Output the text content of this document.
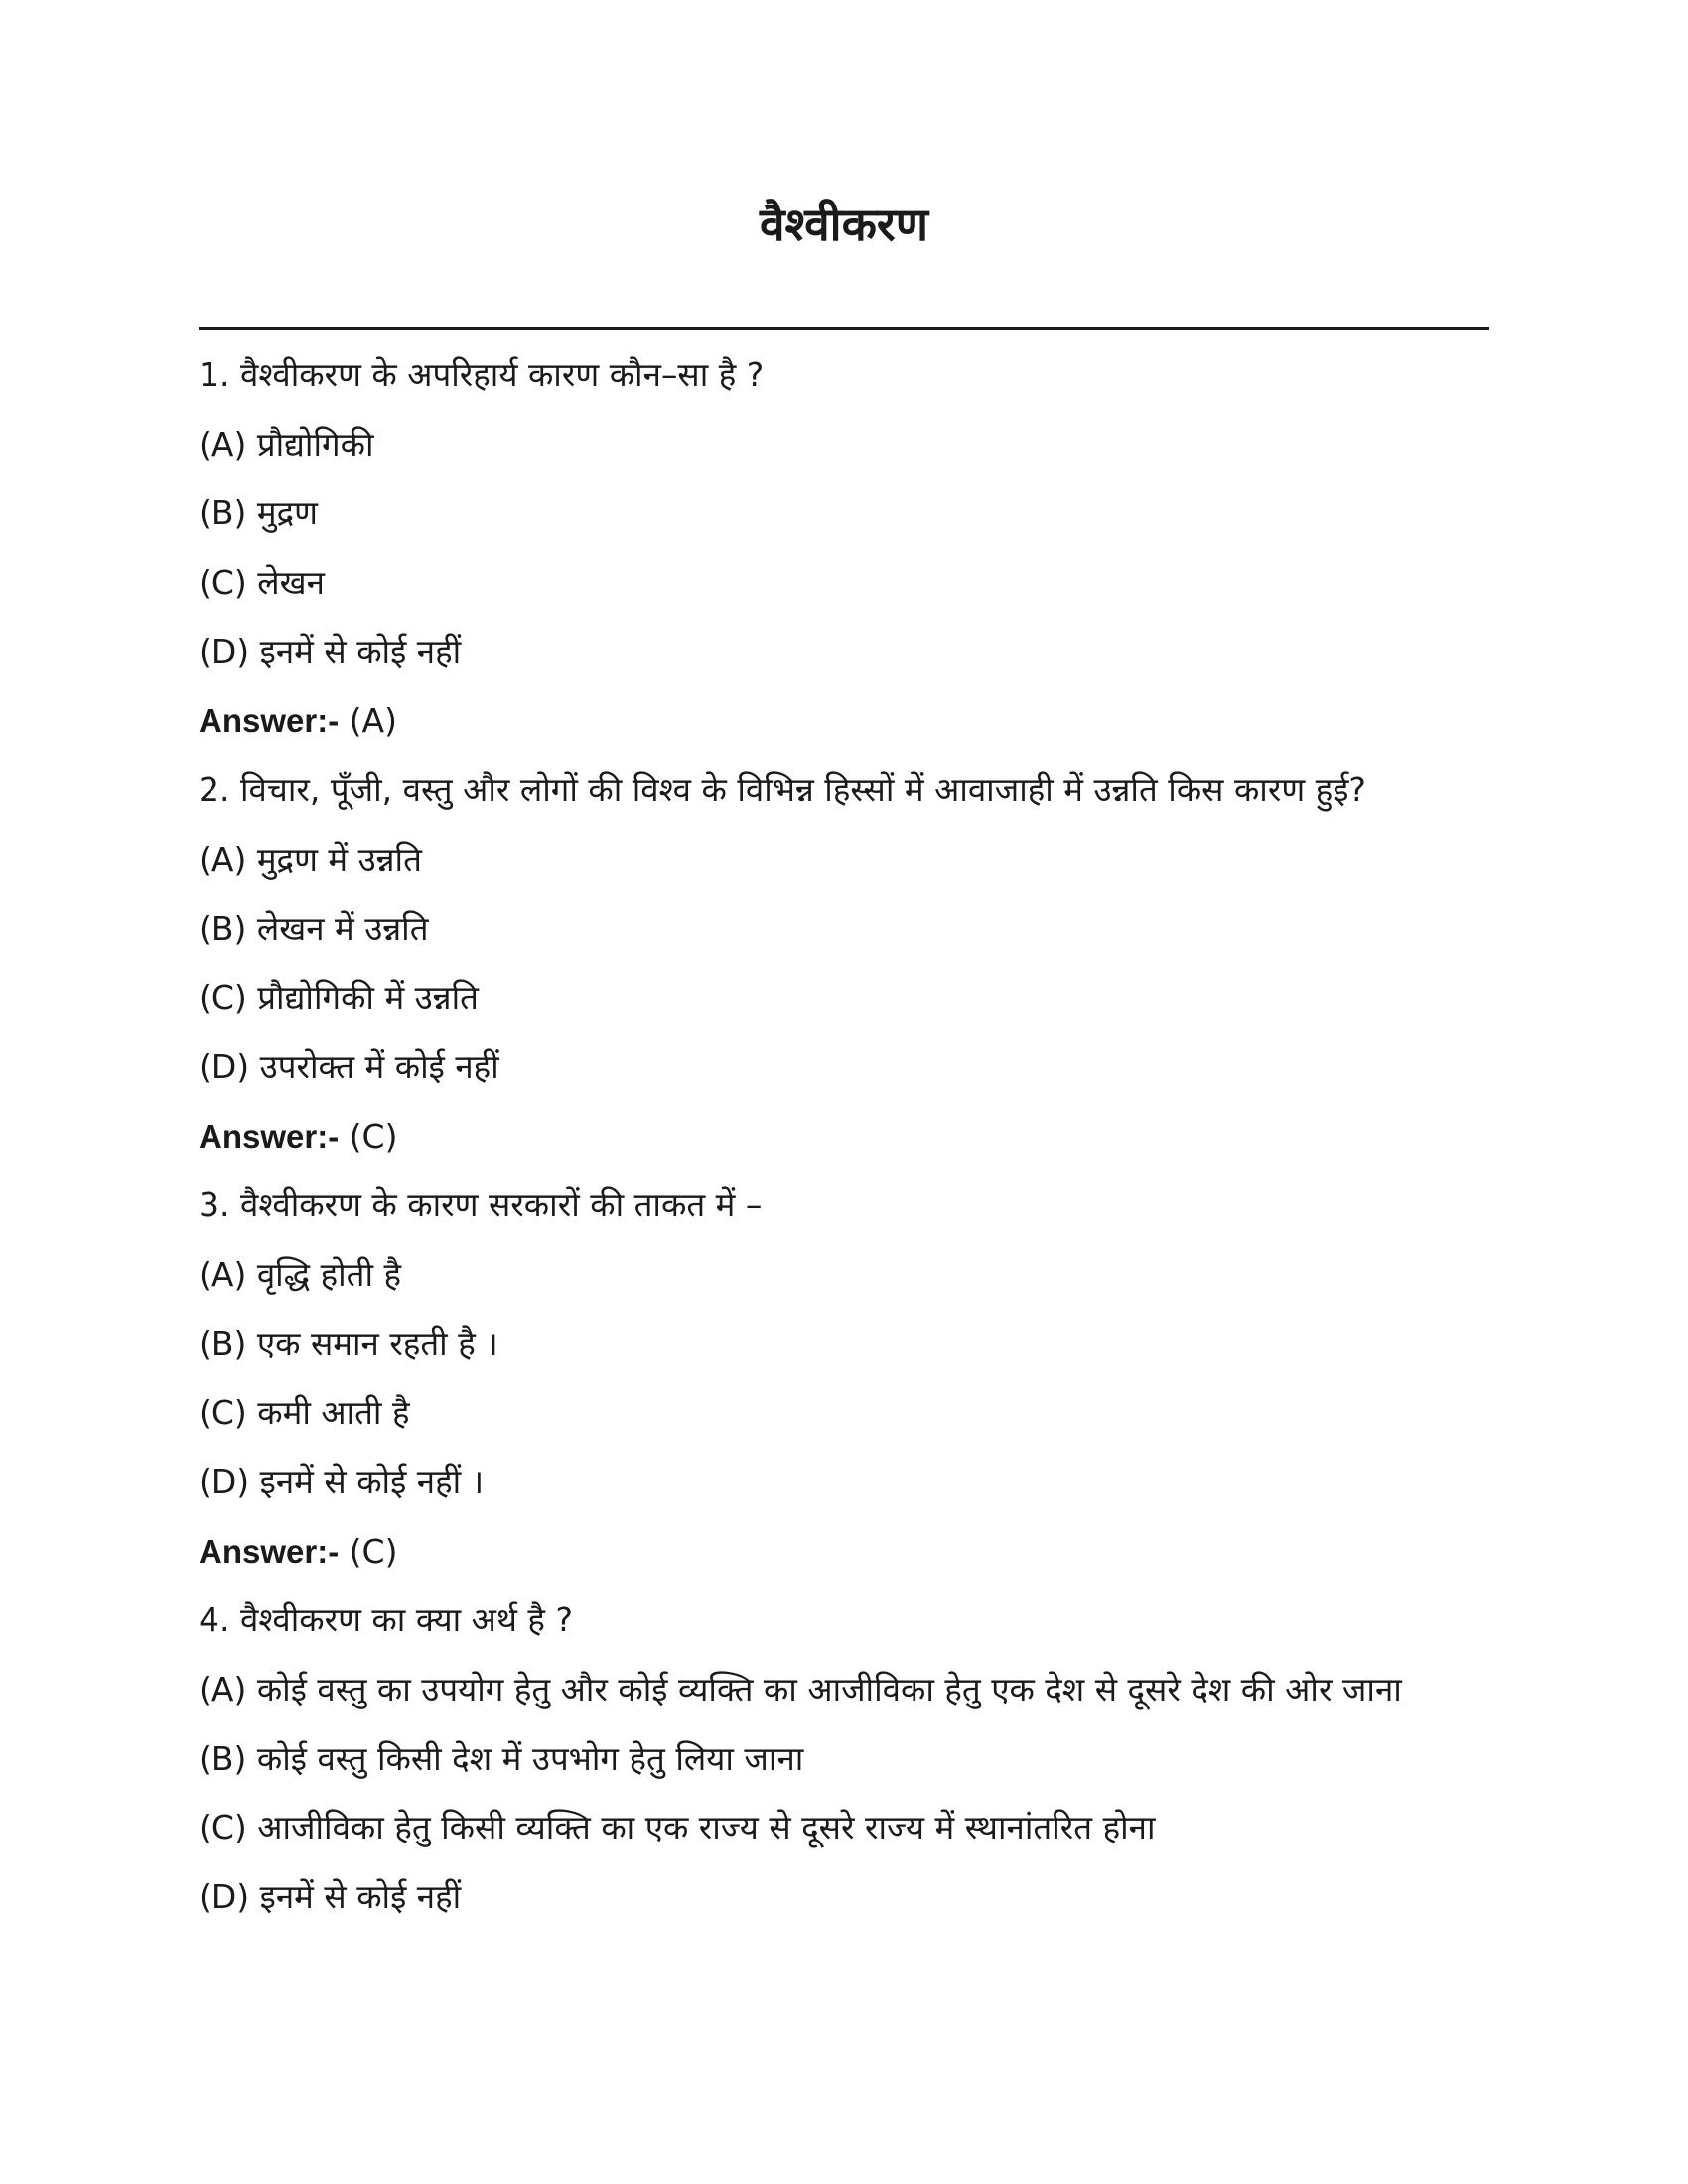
वैश्वीकरण
1. वैश्वीकरण के अपरिहार्य कारण कौन–सा है ?
(A) प्रौद्योगिकी
(B) मुद्रण
(C) लेखन
(D) इनमें से कोई नहीं
Answer:- (A)
2. विचार, पूँजी, वस्तु और लोगों की विश्व के विभिन्न हिस्सों में आवाजाही में उन्नति किस कारण हुई?
(A) मुद्रण में उन्नति
(B) लेखन में उन्नति
(C) प्रौद्योगिकी में उन्नति
(D) उपरोक्त में कोई नहीं
Answer:- (C)
3. वैश्वीकरण के कारण सरकारों की ताकत में –
(A) वृद्धि होती है
(B) एक समान रहती है ।
(C) कमी आती है
(D) इनमें से कोई नहीं ।
Answer:- (C)
4. वैश्वीकरण का क्या अर्थ है ?
(A) कोई वस्तु का उपयोग हेतु और कोई व्यक्ति का आजीविका हेतु एक देश से दूसरे देश की ओर जाना
(B) कोई वस्तु किसी देश में उपभोग हेतु लिया जाना
(C) आजीविका हेतु किसी व्यक्ति का एक राज्य से दूसरे राज्य में स्थानांतरित होना
(D) इनमें से कोई नहीं
